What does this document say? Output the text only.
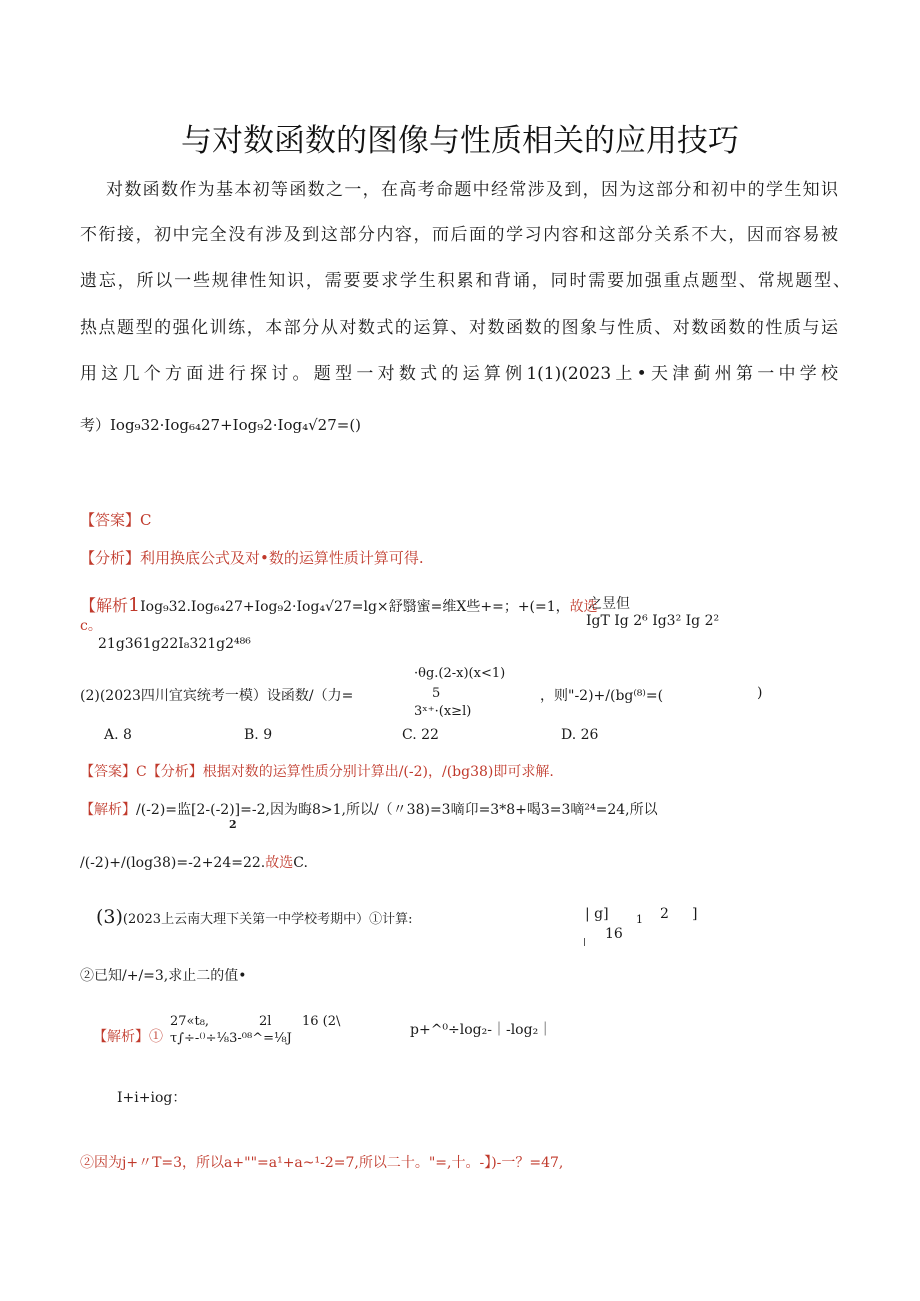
与对数函数的图像与性质相关的应用技巧
对数函数作为基本初等函数之一，在高考命题中经常涉及到，因为这部分和初中的学生知识
不衔接，初中完全没有涉及到这部分内容，而后面的学习内容和这部分关系不大，因而容易被
遗忘，所以一些规律性知识，需要要求学生积累和背诵，同时需要加强重点题型、常规题型、
热点题型的强化训练，本部分从对数式的运算、对数函数的图象与性质、对数函数的性质与运
用这几个方面进行探讨。题型一对数式的运算例1(1)(2023上•天津蓟州第一中学校
考）Iog₉32·Iog₆₄27+Iog₉2·Iog₄√27=()
【答案】C
【分析】利用换底公式及对•数的运算性质计算可得.
【解析1Iog₉32.Iog₆₄27+Iog₉2·Iog₄√27=lg×舒翳蜜=维X些+=；+(=1，故选
之昱但
IgT Ig 2⁶ Ig3² Ig 2²
c。
21g361g22I₈321g2⁴⁸⁶
(2)(2023四川宜宾统考一模）设函数/（力=
·θg.(2-x)(x<1)
5
3ˣ⁺·(x≥l)
，则"-2)+/(bg⁽⁸⁾=(	)
A. 8	B. 9	C. 22	D. 26
【答案】C【分析】根据对数的运算性质分别计算出/(-2)，/(bg38)即可求解.
【解析】/(-2)=监[2-(-2)]=-2,因为晦8>1,所以/（〃38)=3嘀卬=3*8+喝3=3嘀²⁴=24,所以
2
/(-2)+/(log38)=-2+24=22.故选C.
(3)(2023上云南大理下关第一中学校考期中）①计算:	| g] 1 2 ]
16
②已知/+/=3,求止二的值•
【解析】①
27«t₈,
τ∫÷-⁽⁾÷⅛3-⁰⁸^=⅛J
2l 16 (2\
p+^⁰÷log₂-｜-log₂｜
I+i+iog：
②因为j+〃T=3，所以a+""=a¹+a~¹-2=7,所以二十。"=,十。-】)-一？=47,
